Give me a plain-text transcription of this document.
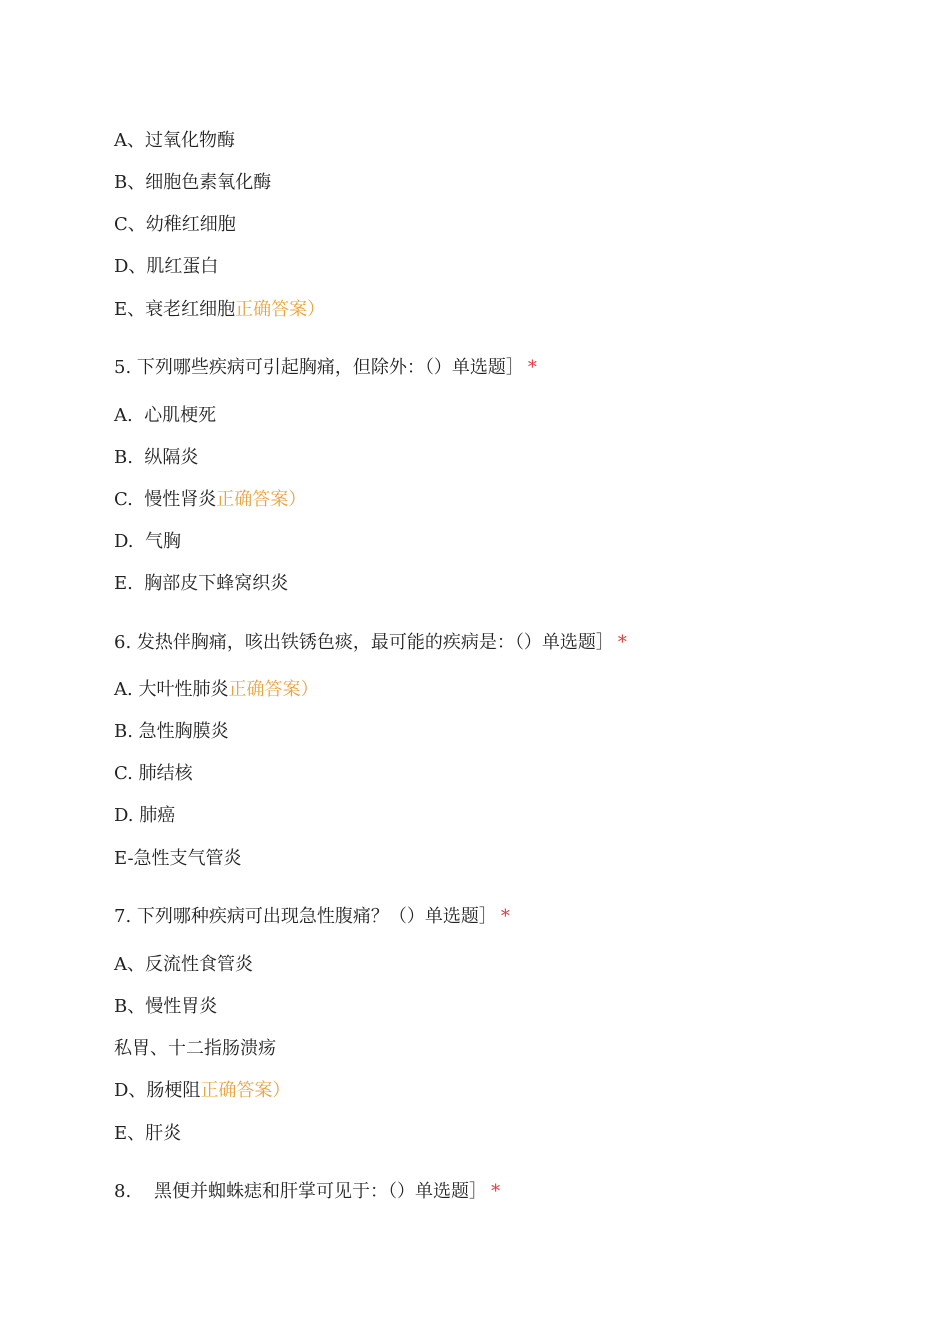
A、过氧化物酶
B、细胞色素氧化酶
C、幼稚红细胞
D、肌红蛋白
E、衰老红细胞正确答案）
5. 下列哪些疾病可引起胸痛，但除外：（）单选题］ *
A.  心肌梗死
B.  纵隔炎
C.  慢性肾炎正确答案）
D.  气胸
E.  胸部皮下蜂窝织炎
6. 发热伴胸痛，咳出铁锈色痰，最可能的疾病是：（）单选题］ *
A. 大叶性肺炎正确答案）
B. 急性胸膜炎
C. 肺结核
D. 肺癌
E-急性支气管炎
7. 下列哪种疾病可出现急性腹痛？（）单选题］ *
A、反流性食管炎
B、慢性胃炎
私胃、十二指肠溃疡
D、肠梗阻正确答案）
E、肝炎
8.    黑便并蜘蛛痣和肝掌可见于：（）单选题］ *
